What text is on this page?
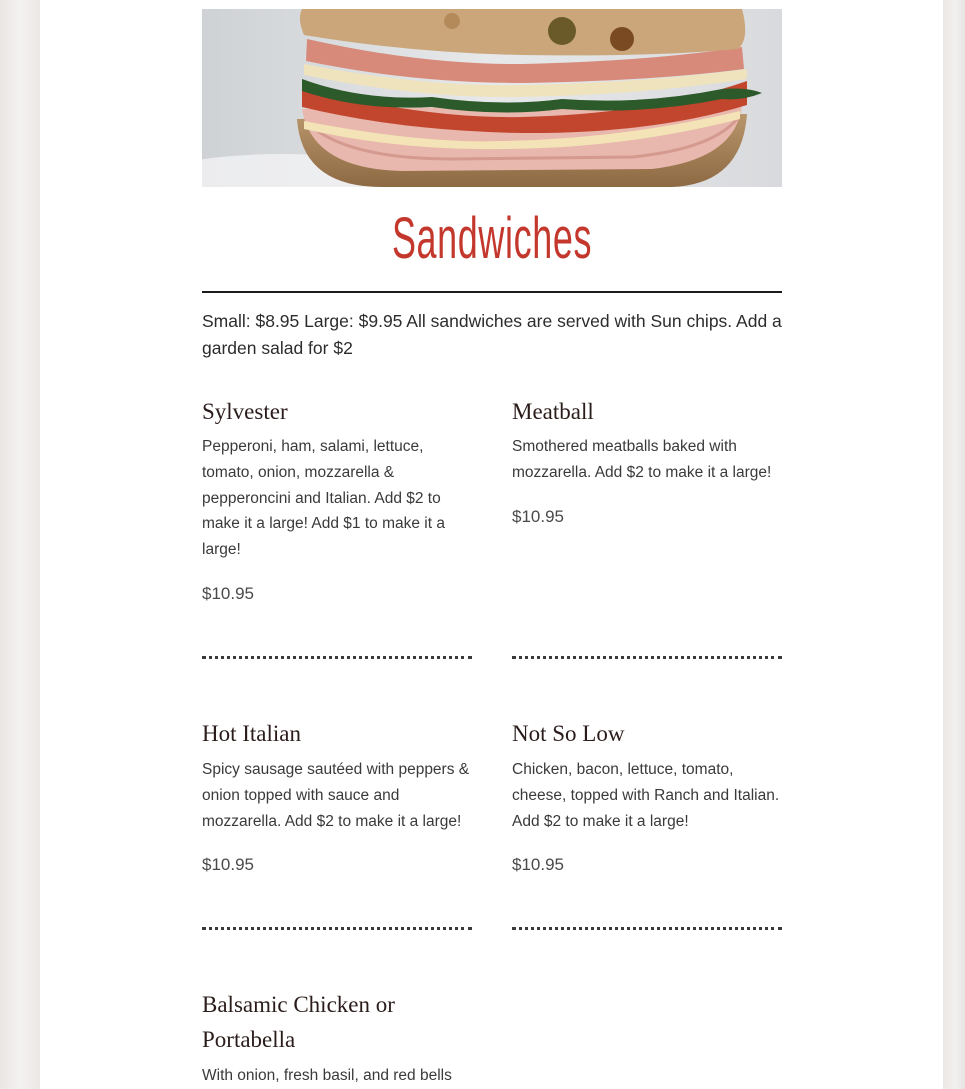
Sandwiches
Small: $8.95 Large: $9.95 All sandwiches are served with Sun chips. Add a garden salad for $2

Sylvester

Pepperoni, ham, salami, lettuce, tomato, onion, mozzarella & pepperoncini and Italian. Add $2 to make it a large! Add $1 to make it a large!

$10.95

Meatball

Smothered meatballs baked with mozzarella. Add $2 to make it a large!

$10.95

Hot Italian

Spicy sausage sautéed with peppers & onion topped with sauce and mozzarella. Add $2 to make it a large!

$10.95

Not So Low

Chicken, bacon, lettuce, tomato, cheese, topped with Ranch and Italian. Add $2 to make it a large!

$10.95

Balsamic Chicken or Portabella

With onion, fresh basil, and red bells
